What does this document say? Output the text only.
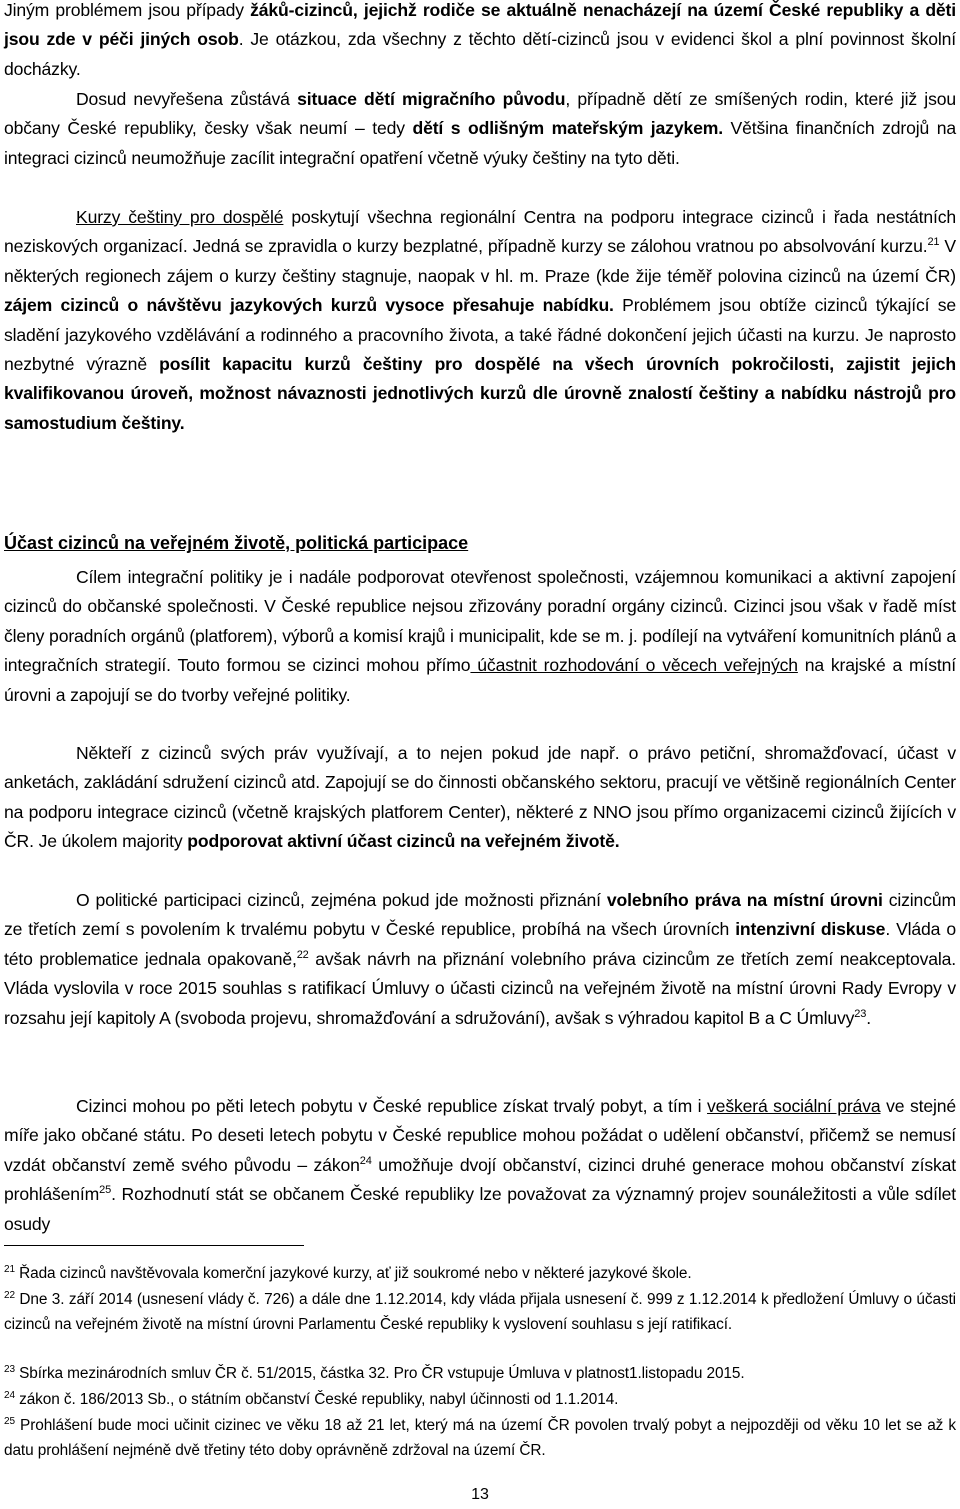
Jiným problémem jsou případy žáků-cizinců, jejichž rodiče se aktuálně nenacházejí na území České republiky a děti jsou zde v péči jiných osob. Je otázkou, zda všechny z těchto dětí-cizinců jsou v evidenci škol a plní povinnost školní docházky.

Dosud nevyřešena zůstává situace dětí migračního původu, případně dětí ze smíšených rodin, které již jsou občany České republiky, česky však neumí – tedy dětí s odlišným mateřským jazykem. Většina finančních zdrojů na integraci cizinců neumožňuje zacílit integrační opatření včetně výuky češtiny na tyto děti.

Kurzy češtiny pro dospělé poskytují všechna regionální Centra na podporu integrace cizinců i řada nestátních neziskových organizací. Jedná se zpravidla o kurzy bezplatné, případně kurzy se zálohou vratnou po absolvování kurzu.$^{21}$ V některých regionech zájem o kurzy češtiny stagnuje, naopak v hl. m. Praze (kde žije téměř polovina cizinců na území ČR) zájem cizinců o návštěvu jazykových kurzů vysoce přesahuje nabídku. Problémem jsou obtíže cizinců týkající se sladění jazykového vzdělávání a rodinného a pracovního života, a také řádné dokončení jejich účasti na kurzu. Je naprosto nezbytné výrazně posílit kapacitu kurzů češtiny pro dospělé na všech úrovních pokročilosti, zajistit jejich kvalifikovanou úroveň, možnost návaznosti jednotlivých kurzů dle úrovně znalostí češtiny a nabídku nástrojů pro samostudium češtiny.

Účast cizinců na veřejném životě, politická participace

Cílem integrační politiky je i nadále podporovat otevřenost společnosti, vzájemnou komunikaci a aktivní zapojení cizinců do občanské společnosti. V České republice nejsou zřizovány poradní orgány cizinců. Cizinci jsou však v řadě míst členy poradních orgánů (platforem), výborů a komisí krajů i municipalit, kde se m. j. podílejí na vytváření komunitních plánů a integračních strategií. Touto formou se cizinci mohou přímo účastnit rozhodování o věcech veřejných na krajské a místní úrovni a zapojují se do tvorby veřejné politiky.

Někteří z cizinců svých práv využívají, a to nejen pokud jde např. o právo petiční, shromažďovací, účast v anketách, zakládání sdružení cizinců atd. Zapojují se do činnosti občanského sektoru, pracují ve většině regionálních Center na podporu integrace cizinců (včetně krajských platforem Center), některé z NNO jsou přímo organizacemi cizinců žijících v ČR. Je úkolem majority podporovat aktivní účast cizinců na veřejném životě.

O politické participaci cizinců, zejména pokud jde možnosti přiznání volebního práva na místní úrovni cizincům ze třetích zemí s povolením k trvalému pobytu v České republice, probíhá na všech úrovních intenzivní diskuse. Vláda o této problematice jednala opakovaně,$^{22}$ avšak návrh na přiznání volebního práva cizincům ze třetích zemí neakceptovala. Vláda vyslovila v roce 2015 souhlas s ratifikací Úmluvy o účasti cizinců na veřejném životě na místní úrovni Rady Evropy v rozsahu její kapitoly A (svoboda projevu, shromažďování a sdružování), avšak s výhradou kapitol B a C Úmluvy$^{23}$.

Cizinci mohou po pěti letech pobytu v České republice získat trvalý pobyt, a tím i veškerá sociální práva ve stejné míře jako občané státu. Po deseti letech pobytu v České republice mohou požádat o udělení občanství, přičemž se nemusí vzdát občanství země svého původu – zákon$^{24}$ umožňuje dvojí občanství, cizinci druhé generace mohou občanství získat prohlášením$^{25}$. Rozhodnutí stát se občanem České republiky lze považovat za významný projev sounáležitosti a vůle sdílet osudy

$^{21}$ Řada cizinců navštěvovala komerční jazykové kurzy, ať již soukromé nebo v některé jazykové škole.

$^{22}$ Dne 3. září 2014 (usnesení vlády č. 726) a dále dne 1.12.2014, kdy vláda přijala usnesení č. 999 z 1.12.2014 k předložení Úmluvy o účasti cizinců na veřejném životě na místní úrovni Parlamentu České republiky k vyslovení souhlasu s její ratifikací.

$^{23}$ Sbírka mezinárodních smluv ČR č. 51/2015, částka 32. Pro ČR vstupuje Úmluva v platnost1.listopadu 2015.

$^{24}$ zákon č. 186/2013 Sb., o státním občanství České republiky, nabyl účinnosti od 1.1.2014.

$^{25}$ Prohlášení bude moci učinit cizinec ve věku 18 až 21 let, který má na území ČR povolen trvalý pobyt a nejpozději od věku 10 let se až k datu prohlášení nejméně dvě třetiny této doby oprávněně zdržoval na území ČR.

13
